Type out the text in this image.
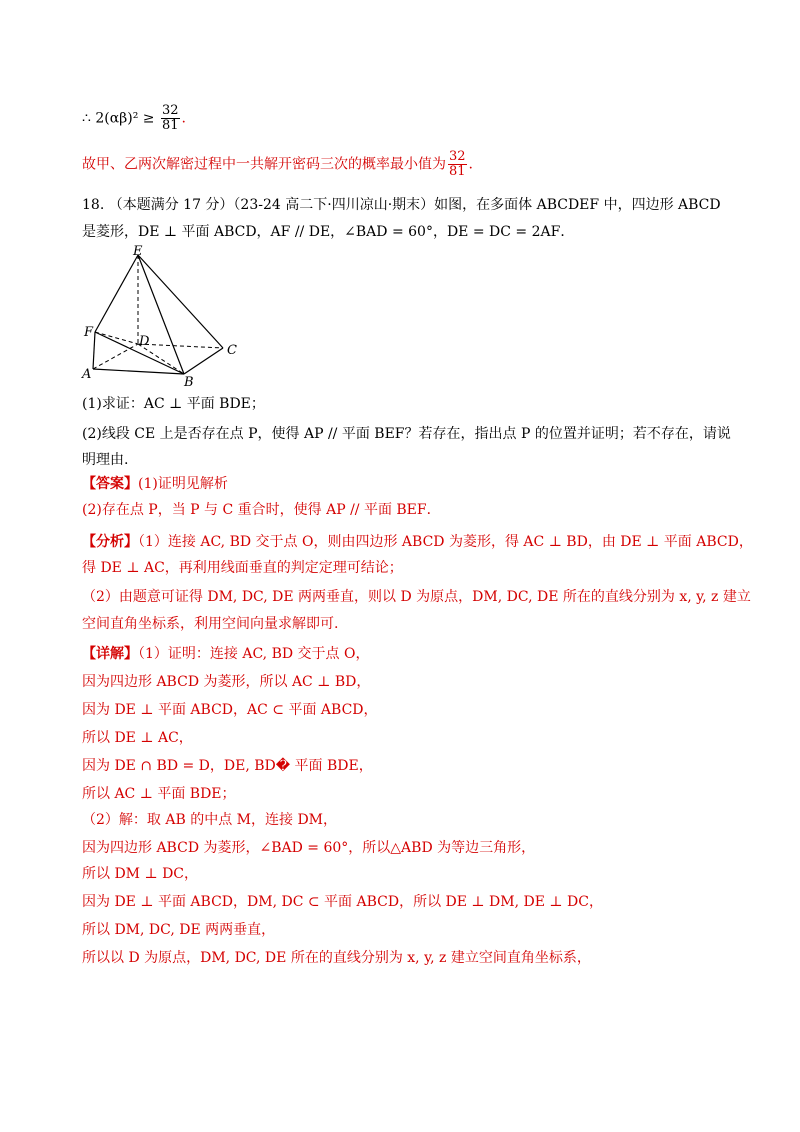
∴ $2(\alpha\beta)^2 \ge \frac{32}{81}$ .
故甲、乙两次解密过程中一共解开密码三次的概率最小值为 $\frac{32}{81}$ .
18. （本题满分 17 分）（23-24 高二下·四川凉山·期末）如图，在多面体 ABCDEF 中，四边形 ABCD
是菱形，DE ⊥ 平面 ABCD，AF // DE，∠BAD = 60°，DE = DC = 2AF．
E
F
D
C
A
B
(1)求证：AC ⊥ 平面 BDE；
(2)线段 CE 上是否存在点 P，使得 AP // 平面 BEF？若存在，指出点 P 的位置并证明；若不存在，请说
明理由.
【答案】(1)证明见解析
(2)存在点 P，当 P 与 C 重合时，使得 AP // 平面 BEF．
【分析】（1）连接 AC, BD 交于点 O，则由四边形 ABCD 为菱形，得 AC ⊥ BD，由 DE ⊥ 平面 ABCD，
得 DE ⊥ AC，再利用线面垂直的判定定理可结论；
（2）由题意可证得 DM, DC, DE 两两垂直，则以 D 为原点，DM, DC, DE 所在的直线分别为 x, y, z 建立
空间直角坐标系，利用空间向量求解即可.
【详解】（1）证明：连接 AC, BD 交于点 O，
因为四边形 ABCD 为菱形，所以 AC ⊥ BD，
因为 DE ⊥ 平面 ABCD，AC ⊂ 平面 ABCD，
所以 DE ⊥ AC，
因为 DE ∩ BD = D，DE, BD� 平面 BDE，
所以 AC ⊥ 平面 BDE；
（2）解：取 AB 的中点 M，连接 DM，
因为四边形 ABCD 为菱形，∠BAD = 60°，所以△ABD 为等边三角形，
所以 DM ⊥ DC，
因为 DE ⊥ 平面 ABCD，DM, DC ⊂ 平面 ABCD，所以 DE ⊥ DM, DE ⊥ DC，
所以 DM, DC, DE 两两垂直，
所以以 D 为原点，DM, DC, DE 所在的直线分别为 x, y, z 建立空间直角坐标系，
